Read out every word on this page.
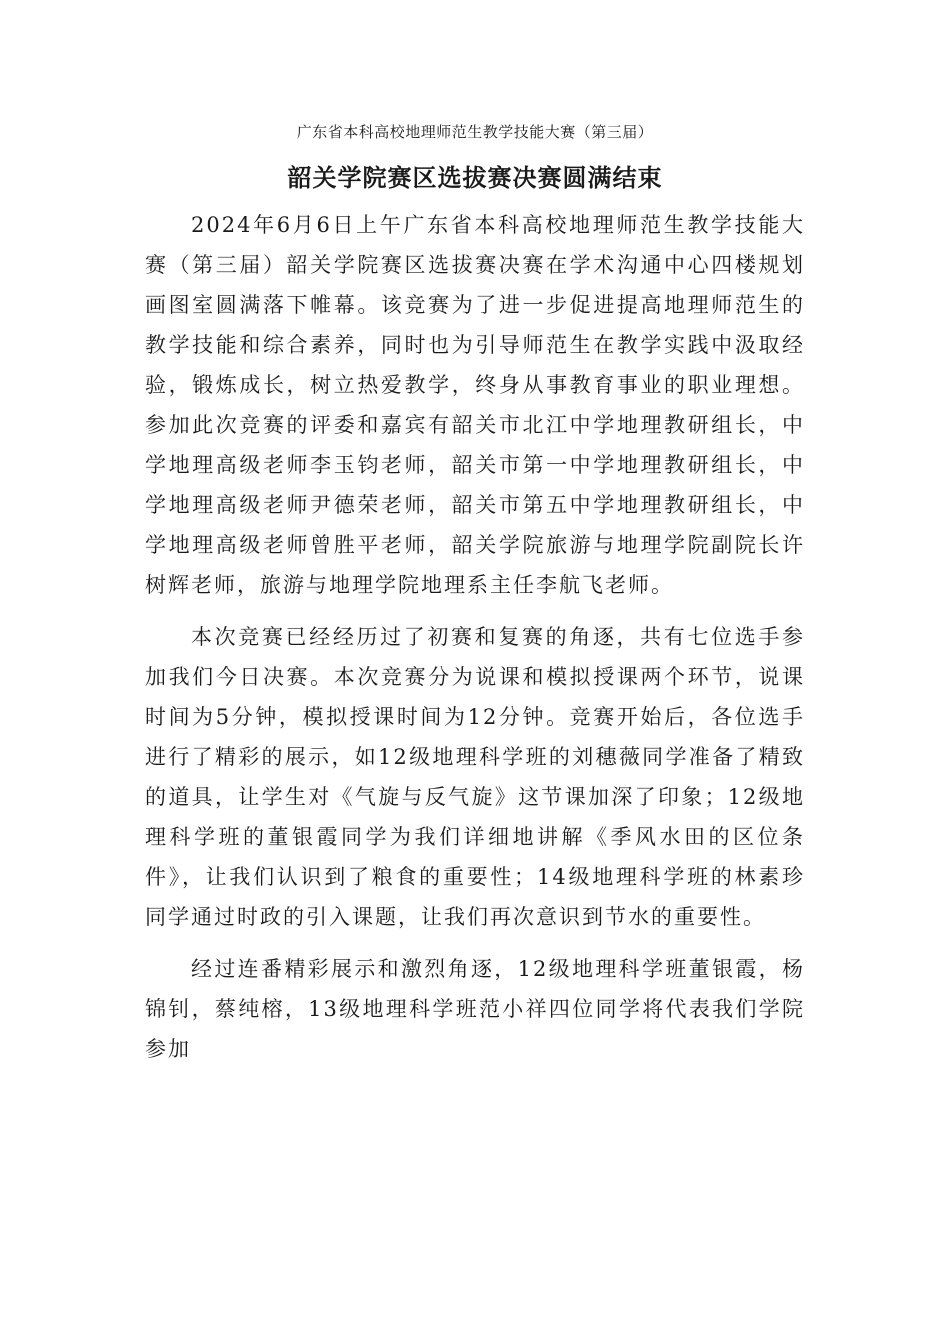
广东省本科高校地理师范生教学技能大赛（第三届）
韶关学院赛区选拔赛决赛圆满结束

2024年6月6日上午广东省本科高校地理师范生教学技能大赛（第三届）韶关学院赛区选拔赛决赛在学术沟通中心四楼规划画图室圆满落下帷幕。该竞赛为了进一步促进提高地理师范生的教学技能和综合素养，同时也为引导师范生在教学实践中汲取经验，锻炼成长，树立热爱教学，终身从事教育事业的职业理想。参加此次竞赛的评委和嘉宾有韶关市北江中学地理教研组长，中学地理高级老师李玉钧老师，韶关市第一中学地理教研组长，中学地理高级老师尹德荣老师，韶关市第五中学地理教研组长，中学地理高级老师曾胜平老师，韶关学院旅游与地理学院副院长许树辉老师，旅游与地理学院地理系主任李航飞老师。

本次竞赛已经经历过了初赛和复赛的角逐，共有七位选手参加我们今日决赛。本次竞赛分为说课和模拟授课两个环节，说课时间为5分钟，模拟授课时间为12分钟。竞赛开始后，各位选手进行了精彩的展示，如12级地理科学班的刘穗薇同学准备了精致的道具，让学生对《气旋与反气旋》这节课加深了印象；12级地理科学班的董银霞同学为我们详细地讲解《季风水田的区位条件》，让我们认识到了粮食的重要性；14级地理科学班的林素珍同学通过时政的引入课题，让我们再次意识到节水的重要性。

经过连番精彩展示和激烈角逐，12级地理科学班董银霞，杨锦钊，蔡纯榕，13级地理科学班范小祥四位同学将代表我们学院参加
